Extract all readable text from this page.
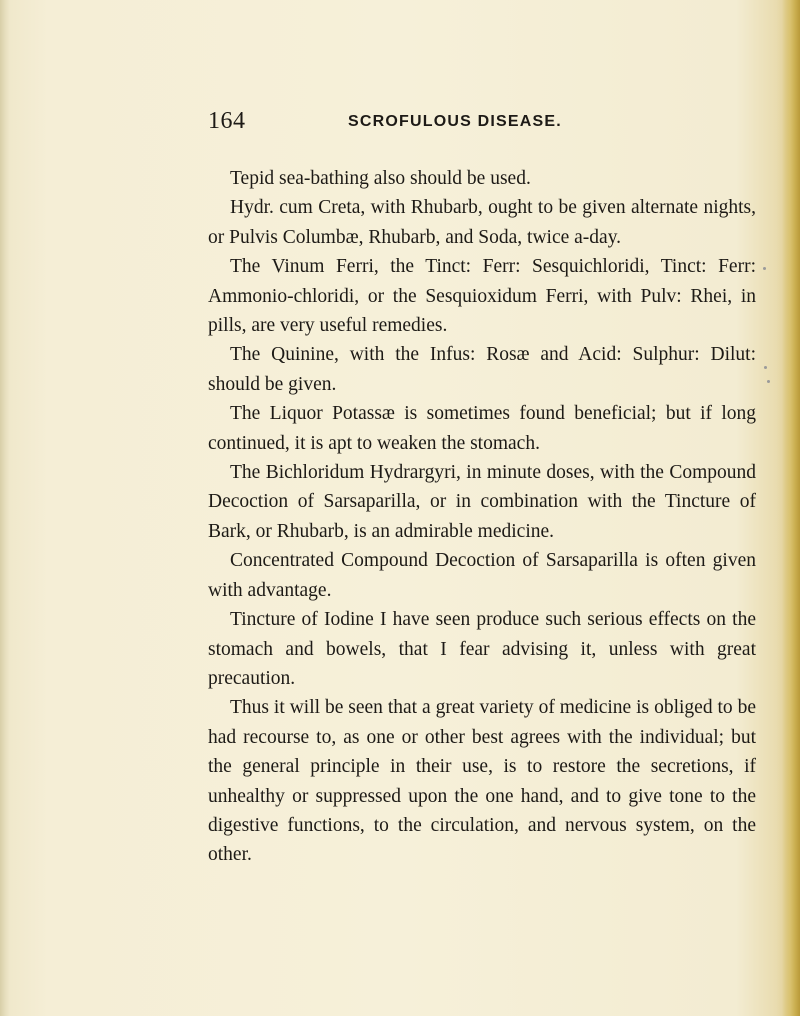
164	SCROFULOUS DISEASE.

Tepid sea-bathing also should be used.

Hydr. cum Creta, with Rhubarb, ought to be given alternate nights, or Pulvis Columbæ, Rhubarb, and Soda, twice a-day.

The Vinum Ferri, the Tinct: Ferr: Sesquichloridi, Tinct: Ferr: Ammonio-chloridi, or the Sesquioxidum Ferri, with Pulv: Rhei, in pills, are very useful remedies.

The Quinine, with the Infus: Rosæ and Acid: Sulphur: Dilut: should be given.

The Liquor Potassæ is sometimes found beneficial; but if long continued, it is apt to weaken the stomach.

The Bichloridum Hydrargyri, in minute doses, with the Compound Decoction of Sarsaparilla, or in combination with the Tincture of Bark, or Rhubarb, is an admirable medicine.

Concentrated Compound Decoction of Sarsaparilla is often given with advantage.

Tincture of Iodine I have seen produce such serious effects on the stomach and bowels, that I fear advising it, unless with great precaution.

Thus it will be seen that a great variety of medicine is obliged to be had recourse to, as one or other best agrees with the individual; but the general principle in their use, is to restore the secretions, if unhealthy or suppressed upon the one hand, and to give tone to the digestive functions, to the circulation, and nervous system, on the other.
